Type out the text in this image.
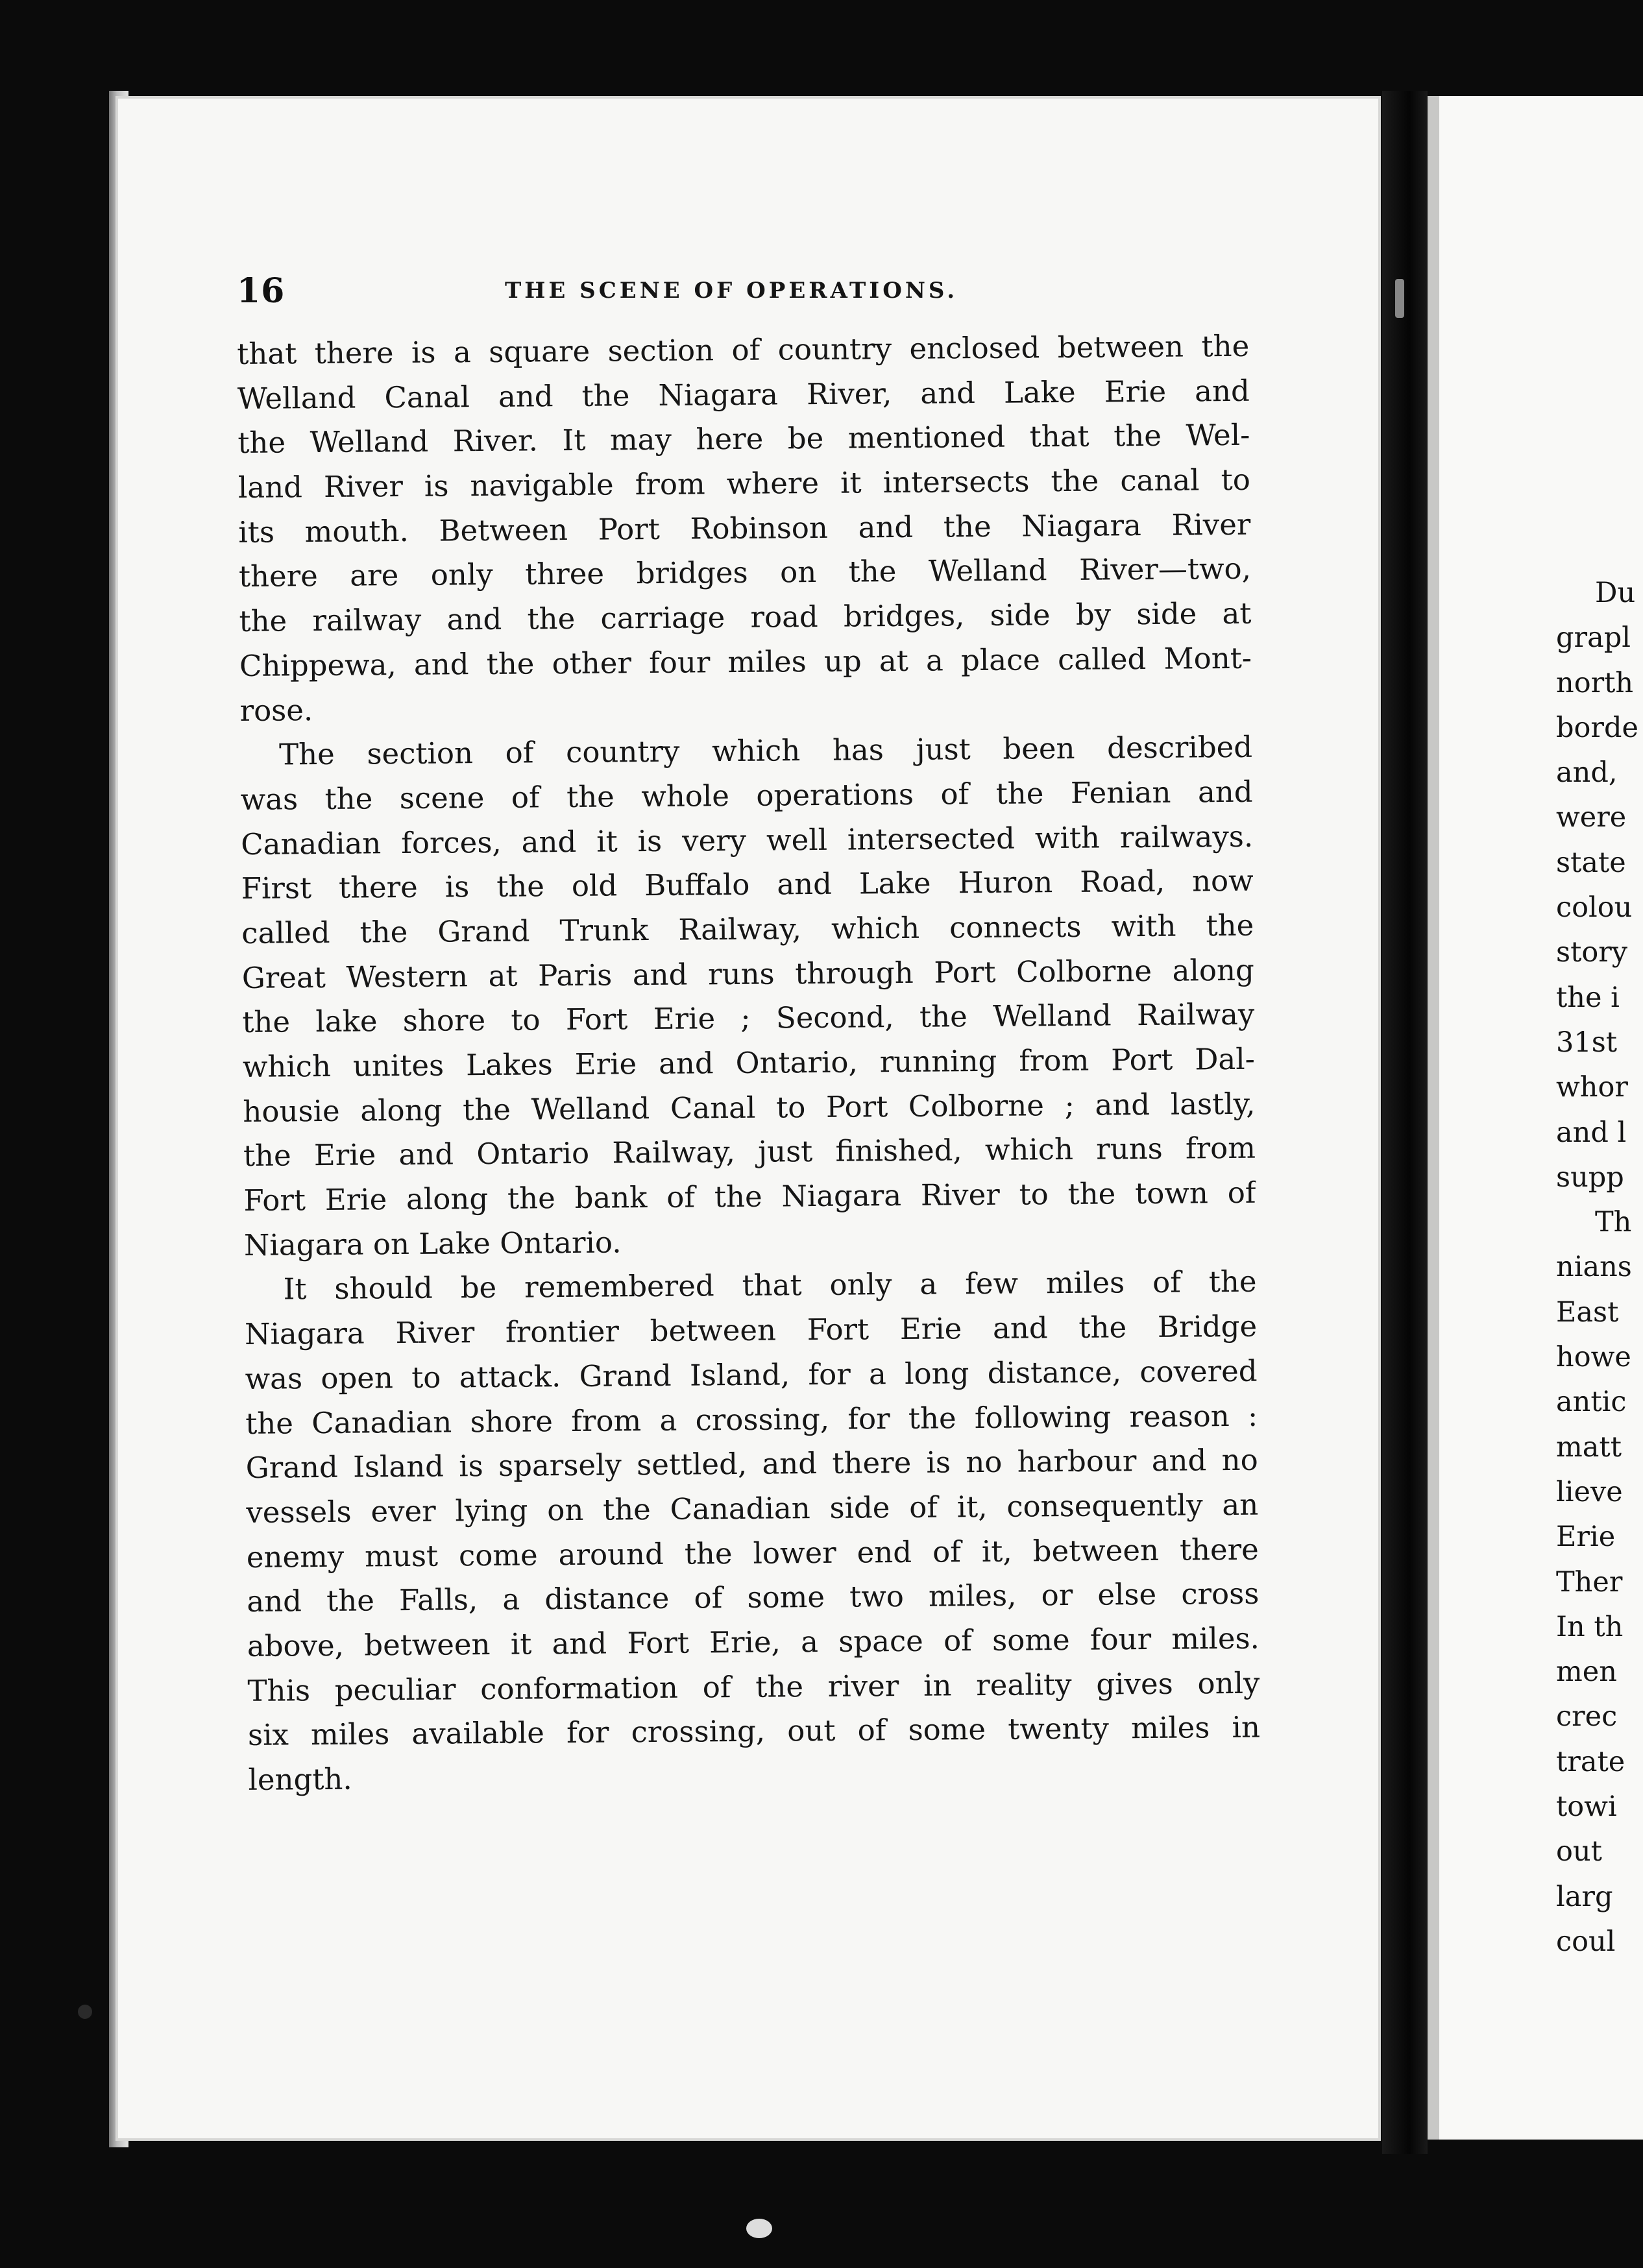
16	THE SCENE OF OPERATIONS.
that there is a square section of country enclosed between the
Welland Canal and the Niagara River, and Lake Erie and
the Welland River. It may here be mentioned that the Wel-
land River is navigable from where it intersects the canal to
its mouth. Between Port Robinson and the Niagara River
there are only three bridges on the Welland River—two,
the railway and the carriage road bridges, side by side at
Chippewa, and the other four miles up at a place called Mont-
rose.
The section of country which has just been described
was the scene of the whole operations of the Fenian and
Canadian forces, and it is very well intersected with railways.
First there is the old Buffalo and Lake Huron Road, now
called the Grand Trunk Railway, which connects with the
Great Western at Paris and runs through Port Colborne along
the lake shore to Fort Erie ; Second, the Welland Railway
which unites Lakes Erie and Ontario, running from Port Dal-
housie along the Welland Canal to Port Colborne ; and lastly,
the Erie and Ontario Railway, just finished, which runs from
Fort Erie along the bank of the Niagara River to the town of
Niagara on Lake Ontario.
It should be remembered that only a few miles of the
Niagara River frontier between Fort Erie and the Bridge
was open to attack. Grand Island, for a long distance, covered
the Canadian shore from a crossing, for the following reason :
Grand Island is sparsely settled, and there is no harbour and no
vessels ever lying on the Canadian side of it, consequently an
enemy must come around the lower end of it, between there
and the Falls, a distance of some two miles, or else cross
above, between it and Fort Erie, a space of some four miles.
This peculiar conformation of the river in reality gives only
six miles available for crossing, out of some twenty miles in
length.
Du
grapl
north
borde
and,
were
state
colou
story
the i
31st
whor
and l
supp
Th
nians
East
howe
antic
matt
lieve
Erie
Ther
In th
men
crec
trate
towi
out
larg
coul
